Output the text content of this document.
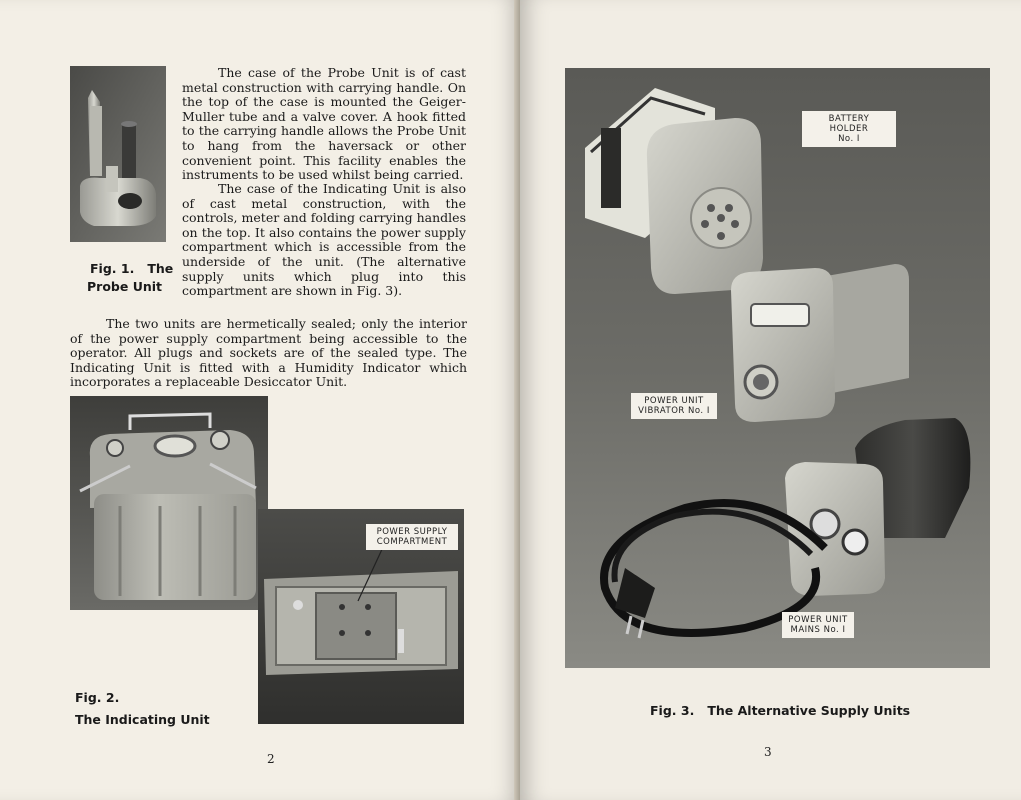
The case of the Probe Unit is of cast metal construction with carrying handle. On the top of the case is mounted the Geiger-Muller tube and a valve cover. A hook fitted to the carrying handle allows the Probe Unit to hang from the haversack or other convenient point. This facility enables the instruments to be used whilst being carried.

The case of the Indicating Unit is also of cast metal construction, with the controls, meter and folding carrying handles on the top. It also contains the power supply compartment which is accessible from the underside of the unit. (The alternative supply units which plug into this compartment are shown in Fig. 3).

Fig. 1.   The

Probe Unit

The two units are hermetically sealed; only the interior of the power supply compartment being accessible to the operator. All plugs and sockets are of the sealed type. The Indicating Unit is fitted with a Humidity Indicator which incorporates a replaceable Desiccator Unit.

POWER SUPPLY
COMPARTMENT

Fig. 2.

The Indicating Unit

2
BATTERY HOLDER
No. I
POWER UNIT
VIBRATOR No. I
POWER UNIT
MAINS No. I

Fig. 3.   The Alternative Supply Units

3
